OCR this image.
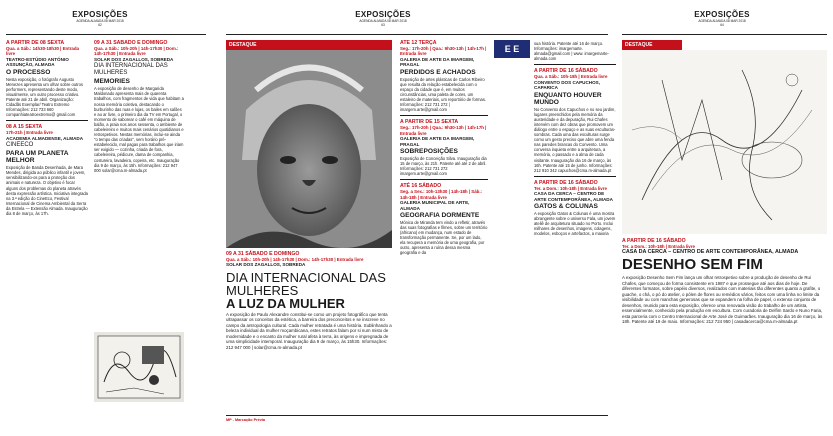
EXPOSIÇÕES
AGENDA ALMADA 08 MAR 2018
62
A PARTIR DE 08 SEXTA
Qua. a Sáb.: 14h30-18h30 | Entrada livre
TEATRO-ESTÚDIO ANTÓNIO ASSUNÇÃO, ALMADA
O PROCESSO
Nesta exposição, o fotógrafo Augusto Menezes apresenta um olhar sobre outros performers, representando deste modo, visualmente, um outro processo criativo. Patente até 21 de abril. Organização: Cidadãs Exemplar/ Teatro Extremo Informações: 212 733 660 companhiateatroextremo@ gmail.com
08 A 15 SEXTA
17h-21h | Entrada livre
ACADEMIA ALMADENSE, ALMADA
CINEECO
PARA UM PLANETA MELHOR
Exposição de Banda Desenhada, de Mara Mendes, dirigida ao público infantil e jovem, sensibilizando-os para a proteção dos animais e natureza. O objetivo é focar alguns dos problemas do planeta através desta expressão artística. Iniciativa integrada na 3.ª edição do CineEco, Festival Internacional de Cinema Ambiental da Serra da Estrela — Extensão Almada. Inauguração dia 8 de março, às 17h.
09 A 31 SÁBADO E DOMINGO
Qua. a Sáb.: 10h-20h | 14h-17h30 | Dom.: 14h-17h30 | Entrada livre
SOLAR DOS ZAGALLOS, SOBREDA
DIA INTERNACIONAL DAS MULHERES
MEMORIES
A exposição de desenho de Margarida Maldonado apresenta mais de quarenta trabalhos, com fragmentos de vida que habitam a nossa memória coletiva, destacando o burburinho das ruas e lojas, os bailes em salões e ao ar livre, o primeiro dia da TV em Portugal, o momento de saborear o café em máquina de balão, a praia nos anos sessenta, o ambiente de cabeleireiro e muitos mais cenários quotidianos e retrospetivos. Nestas memórias, inclui-se ainda "o tempo das criadas", sem horário pré-estabelecido, mal pagas para trabalhos que iriam ser exigido — cozinha, criada de fora, cabeleireira, pédicure, dama de companhia, costureira, lavadeira, copeira, etc. Inauguração dia 9 de março, às 15h. Informações: 212 947 000 solar@cma.m-almada.pt
EXPOSIÇÕES
AGENDA ALMADA 08 MAR 2018
63
DESTAQUE
09 A 31 SÁBADO E DOMINGO
Qua. a Sáb.: 10h-20h | 14h-17h30 | Dom.: 14h-17h30 | Entrada livre
SOLAR DOS ZAGALLOS, SOBREDA
DIA INTERNACIONAL DAS MULHERES
A LUZ DA MULHER
A exposição de Paulo Alexandre constitui-se como um projeto fotográfico que tenta ultrapassar os conceitos da estética, a barreira dos preconceitos e se inscreve no campo da antropologia cultural. Cada mulher retratada é uma história. Sublinhando a beleza individual da mulher moçambicana, estes retratos falam por si num misto de modernidade e o encanto da mulher rural afeta à terra, às origens e impregnada de uma simplicidade intemporal. Inauguração dia 9 de março, às 15h30. Informações: 212 947 000 | solar@cma.m-almada.pt
ATÉ 12 TERÇA
Seg.: 17h-20h | Qua.: 9h30-13h | 14h-17h | Entrada livre
GALERIA DE ARTE DA IMARGEM, PRAGAL
PERDIDOS E ACHADOS
Exposição de artes plásticas de Carlos Ribeiro que resulta da relação estabelecida com o espaço da cidade que é, em muitos circunstâncias, uma paleta de cores, um estaleiro de materiais, um reportório de formas. Informações: 212 731 272 | imargem.arte@gmail.com
A PARTIR DE 15 SEXTA
Seg.: 17h-20h | Qua.: 9h30-13h | 14h-17h | Entrada livre
GALERIA DE ARTE DA IMARGEM, PRAGAL
SOBREPOSIÇÕES
Exposição de Conceição Silva. Inauguração dia 15 de março, às 21h. Patente até até 2 de abril. Informações: 212 731 272 imargem.arte@gmail.com
ATÉ 16 SÁBADO
Seg. a Sex.: 10h-13h30 | 14h-18h | Sáb.: 14h-18h | Entrada livre
GALERIA MUNICIPAL DE ARTE, ALMADA
GEOGRAFIA DORMENTE
Mónica de Miranda tem vindo a refletir, através das suas fotografias e filmes, sobre um território (africano) em mudança, num estado de transformação permanente. Se, por um lado, ela recupera a memória de uma geografia, por outro, apresenta a ruína dessa mesma geografia e da
E E
sua história. Patente até 16 de março. Informações: imargemarte. almada@gmail.com | www. imargemarte-almada.com
A PARTIR DE 16 SÁBADO
Qua. a Sáb.: 10h-18h | Entrada livre
CONVENTO DOS CAPUCHOS, CAPARICA
ENQUANTO HOUVER MUNDO
No Convento dos Capuchos e no seu jardim, lugares preenchidos pela memória da austeridade e da depuração, Rui Chafes intervém com dez obras que promovem um diálogo entre o espaço e as suas esculturas-sombras. Cada uma das esculturas surge como um gesto preciso que abre uma fenda nas paredes brancas do Convento. Uma conversa inquieta entre a arquitetura, a memória, o passado e a alma de cada visitante. Inauguração dia 16 de março, às 16h. Patente até 15 de junho. Informações: 212 910 342 capuchos@cma.m-almada.pt
A PARTIR DE 16 SÁBADO
Ter. a Dom.: 10h-18h | Entrada livre
CASA DA CERCA – CENTRO DE ARTE CONTEMPORÂNEA, ALMADA
GATOS & COLUNAS
A exposição Gatos & Colunas é uma mostra abrangente sobre o universo Fala, um jovem ateliê de arquitetura situado no Porto. Inclui milhares de desenhos, imagens, colagens, modelos, esboços e artefactos, a maioria
MP - Marcação Prévia
EXPOSIÇÕES
AGENDA ALMADA 08 MAR 2018
64
DESTAQUE
A PARTIR DE 16 SÁBADO
Ter. a Dom.: 10h-18h | Entrada livre
CASA DA CERCA – CENTRO DE ARTE CONTEMPORÂNEA, ALMADA
DESENHO SEM FIM
A exposição Desenho Sem Fim lança um olhar retrospetivo sobre a produção de desenho de Rui Chafes, que começou de forma consistente em 1987 e que prossegue até aos dias de hoje. De diferentes formatos, sobre papéis diversos, realizados com materiais tão diferentes quanto a grafite, o guache, o chá, o pó do atelier, o pólen de flores ou remédios vários, feitos com uma linha no limite da visibilidade ou com manchas generosas que se expandem na folha de papel, o extenso conjunto de desenhos, reunido para esta exposição, oferece uma renovada visão do trabalho de um artista, essencialmente, conhecido pela produção em escultura. Com curadoria de Delfim Sardo e Nuno Faria, esta parceria com o Centro Internacional de Arte José de Guimarães. Inauguração dia 16 de março, às 18h. Patente até 19 de maio. Informações: 212 724 950 | casadacerca@cma.m-almada.pt
